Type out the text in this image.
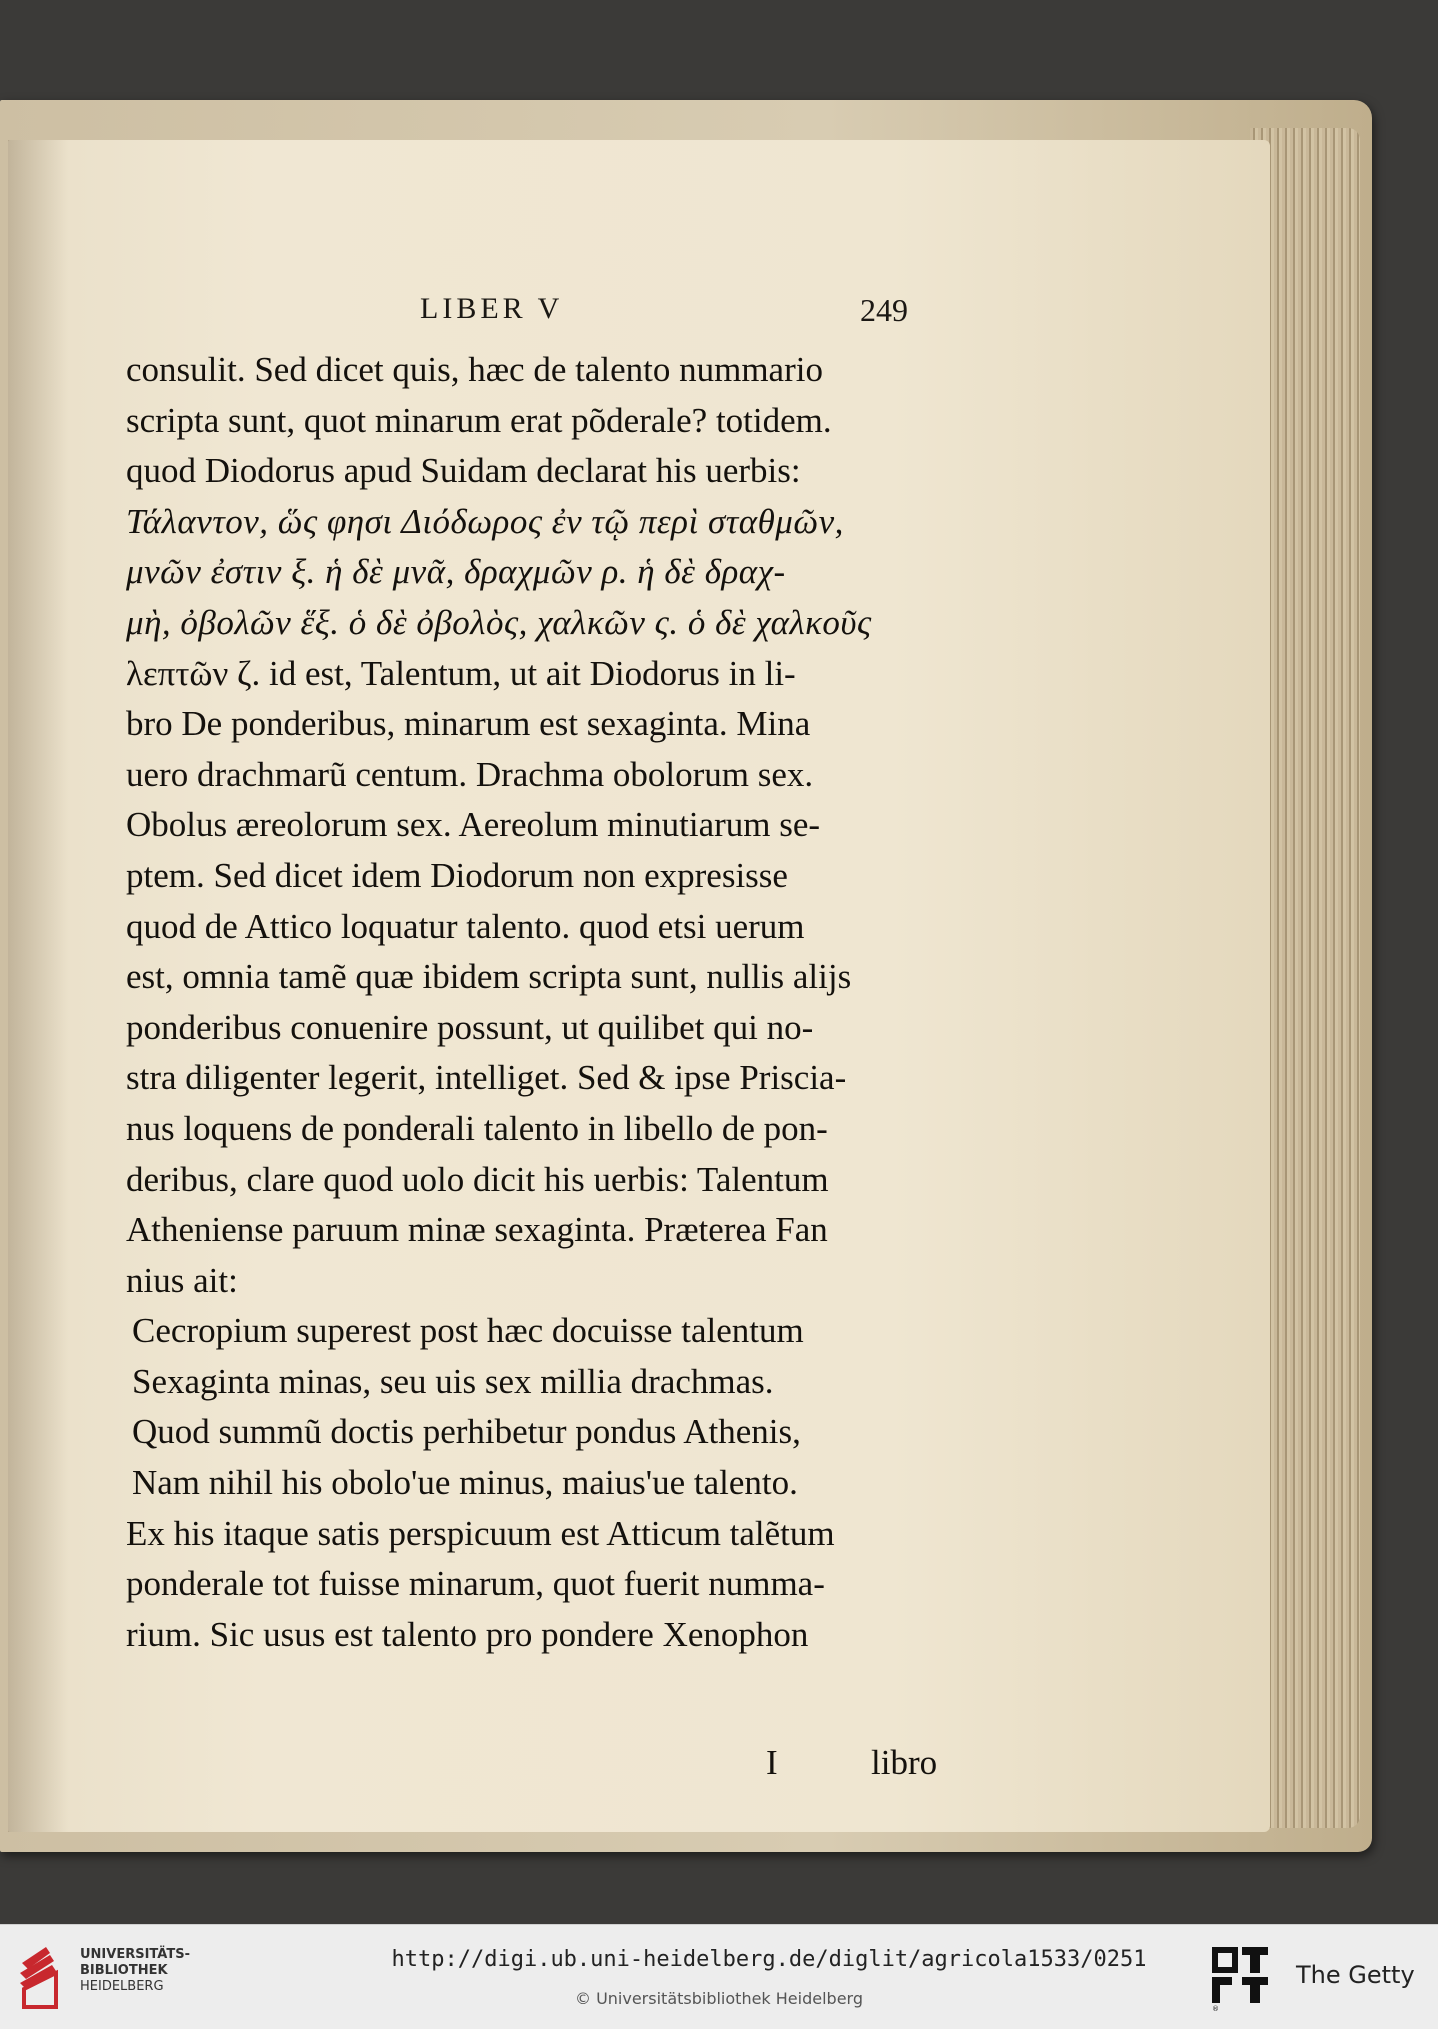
LIBER V	249
consulit. Sed dicet quis, hæc de talento nummario
scripta sunt, quot minarum erat põderale? totidem.
quod Diodorus apud Suidam declarat his uerbis:
Τάλαντον, ὥς φησι Διόδωρος ἐν τῷ περὶ σταθμῶν,
μνῶν ἐστιν ξ. ἡ δὲ μνᾶ, δραχμῶν ρ. ἡ δὲ δραχ-
μὴ, ὀβολῶν ἕξ. ὁ δὲ ὀβολὸς, χαλκῶν ς. ὁ δὲ χαλκοῦς
λεπτῶν ζ. id est, Talentum, ut ait Diodorus in li-
bro De ponderibus, minarum est sexaginta. Mina
uero drachmarũ centum. Drachma obolorum sex.
Obolus æreolorum sex. Aereolum minutiarum se-
ptem. Sed dicet idem Diodorum non expresisse
quod de Attico loquatur talento. quod etsi uerum
est, omnia tamẽ quæ ibidem scripta sunt, nullis alijs
ponderibus conuenire possunt, ut quilibet qui no-
stra diligenter legerit, intelliget. Sed & ipse Priscia-
nus loquens de ponderali talento in libello de pon-
deribus, clare quod uolo dicit his uerbis: Talentum
Atheniense paruum minæ sexaginta. Præterea Fan
nius ait:
Cecropium superest post hæc docuisse talentum
Sexaginta minas, seu uis sex millia drachmas.
Quod summũ doctis perhibetur pondus Athenis,
Nam nihil his obolo'ue minus, maius'ue talento.
Ex his itaque satis perspicuum est Atticum talẽtum
ponderale tot fuisse minarum, quot fuerit numma-
rium. Sic usus est talento pro pondere Xenophon
I	libro
UNIVERSITÄTS-
BIBLIOTHEK
HEIDELBERG
http://digi.ub.uni-heidelberg.de/diglit/agricola1533/0251
© Universitätsbibliothek Heidelberg
®
The Getty
